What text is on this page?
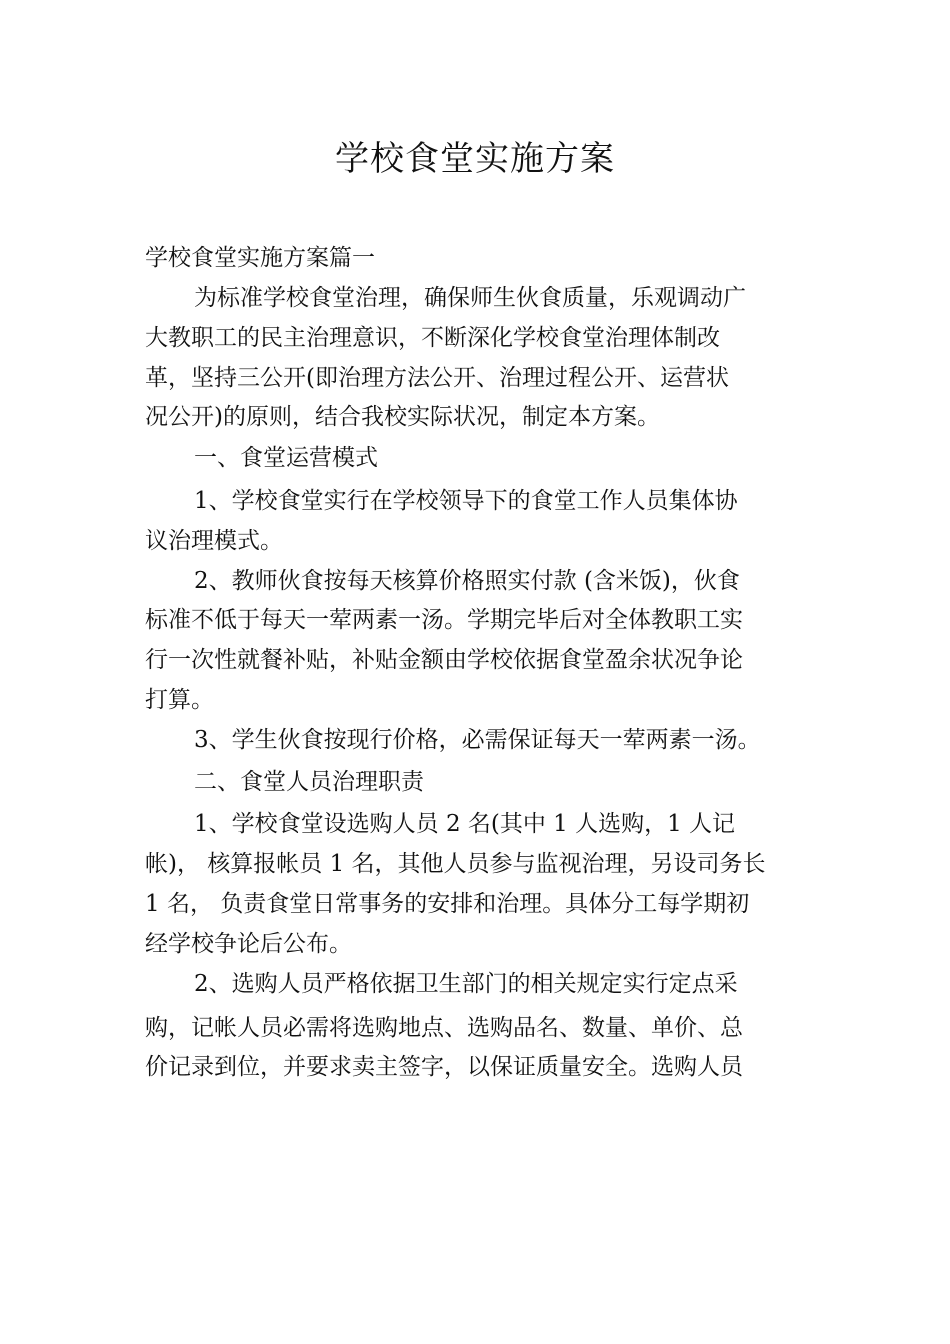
学校食堂实施方案

学校食堂实施方案篇一

为标准学校食堂治理，确保师生伙食质量，乐观调动广

大教职工的民主治理意识，不断深化学校食堂治理体制改

革，坚持三公开(即治理方法公开、治理过程公开、运营状

况公开)的原则，结合我校实际状况，制定本方案。

一、食堂运营模式

1、学校食堂实行在学校领导下的食堂工作人员集体协

议治理模式。

2、教师伙食按每天核算价格照实付款 (含米饭)，伙食

标准不低于每天一荤两素一汤。学期完毕后对全体教职工实

行一次性就餐补贴，补贴金额由学校依据食堂盈余状况争论

打算。

3、学生伙食按现行价格，必需保证每天一荤两素一汤。

二、食堂人员治理职责

1、学校食堂设选购人员 2 名(其中 1 人选购，1 人记

帐)， 核算报帐员 1 名，其他人员参与监视治理，另设司务长

1 名， 负责食堂日常事务的安排和治理。具体分工每学期初

经学校争论后公布。

2、选购人员严格依据卫生部门的相关规定实行定点采

购，记帐人员必需将选购地点、选购品名、数量、单价、总

价记录到位，并要求卖主签字，以保证质量安全。选购人员
